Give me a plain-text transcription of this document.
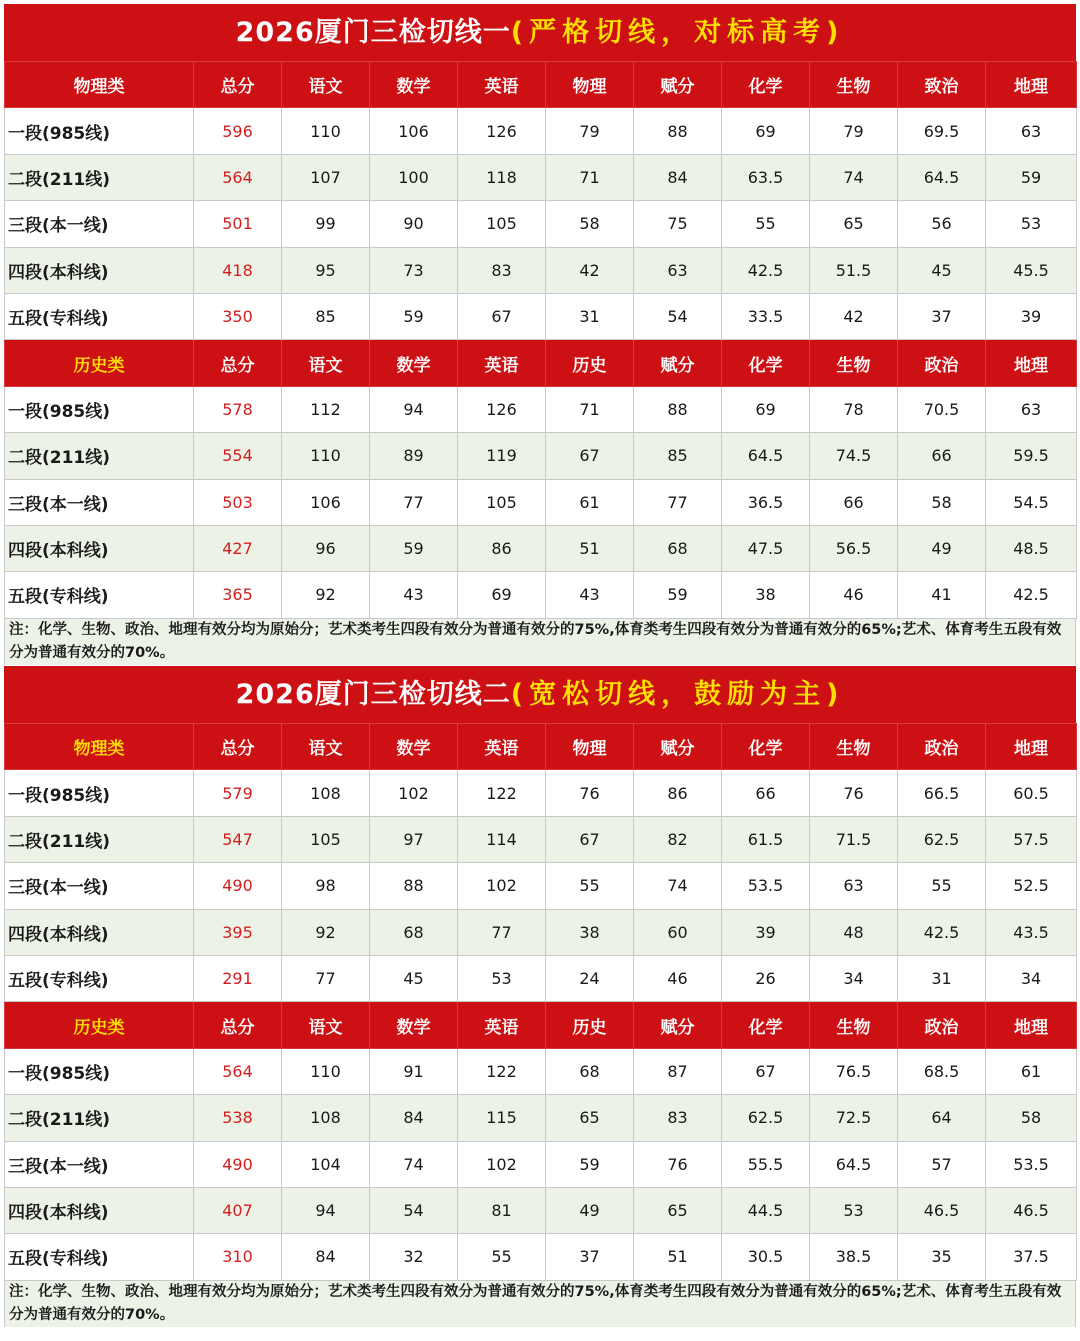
2026厦门三检切线一(严格切线，对标高考)
物理类	总分	语文	数学	英语	物理	赋分	化学	生物	致治	地理
一段(985线)	596	110	106	126	79	88	69	79	69.5	63
二段(211线)	564	107	100	118	71	84	63.5	74	64.5	59
三段(本一线)	501	99	90	105	58	75	55	65	56	53
四段(本科线)	418	95	73	83	42	63	42.5	51.5	45	45.5
五段(专科线)	350	85	59	67	31	54	33.5	42	37	39
历史类	总分	语文	数学	英语	历史	赋分	化学	生物	政治	地理
一段(985线)	578	112	94	126	71	88	69	78	70.5	63
二段(211线)	554	110	89	119	67	85	64.5	74.5	66	59.5
三段(本一线)	503	106	77	105	61	77	36.5	66	58	54.5
四段(本科线)	427	96	59	86	51	68	47.5	56.5	49	48.5
五段(专科线)	365	92	43	69	43	59	38	46	41	42.5
注：化学、生物、政治、地理有效分均为原始分；艺术类考生四段有效分为普通有效分的75%,体育类考生四段有效分为普通有效分的65%;艺术、体育考生五段有效分为普通有效分的70%。
2026厦门三检切线二(宽松切线，鼓励为主)
物理类	总分	语文	数学	英语	物理	赋分	化学	生物	政治	地理
一段(985线)	579	108	102	122	76	86	66	76	66.5	60.5
二段(211线)	547	105	97	114	67	82	61.5	71.5	62.5	57.5
三段(本一线)	490	98	88	102	55	74	53.5	63	55	52.5
四段(本科线)	395	92	68	77	38	60	39	48	42.5	43.5
五段(专科线)	291	77	45	53	24	46	26	34	31	34
历史类	总分	语文	数学	英语	历史	赋分	化学	生物	政治	地理
一段(985线)	564	110	91	122	68	87	67	76.5	68.5	61
二段(211线)	538	108	84	115	65	83	62.5	72.5	64	58
三段(本一线)	490	104	74	102	59	76	55.5	64.5	57	53.5
四段(本科线)	407	94	54	81	49	65	44.5	53	46.5	46.5
五段(专科线)	310	84	32	55	37	51	30.5	38.5	35	37.5
注：化学、生物、政治、地理有效分均为原始分；艺术类考生四段有效分为普通有效分的75%,体育类考生四段有效分为普通有效分的65%;艺术、体育考生五段有效分为普通有效分的70%。
